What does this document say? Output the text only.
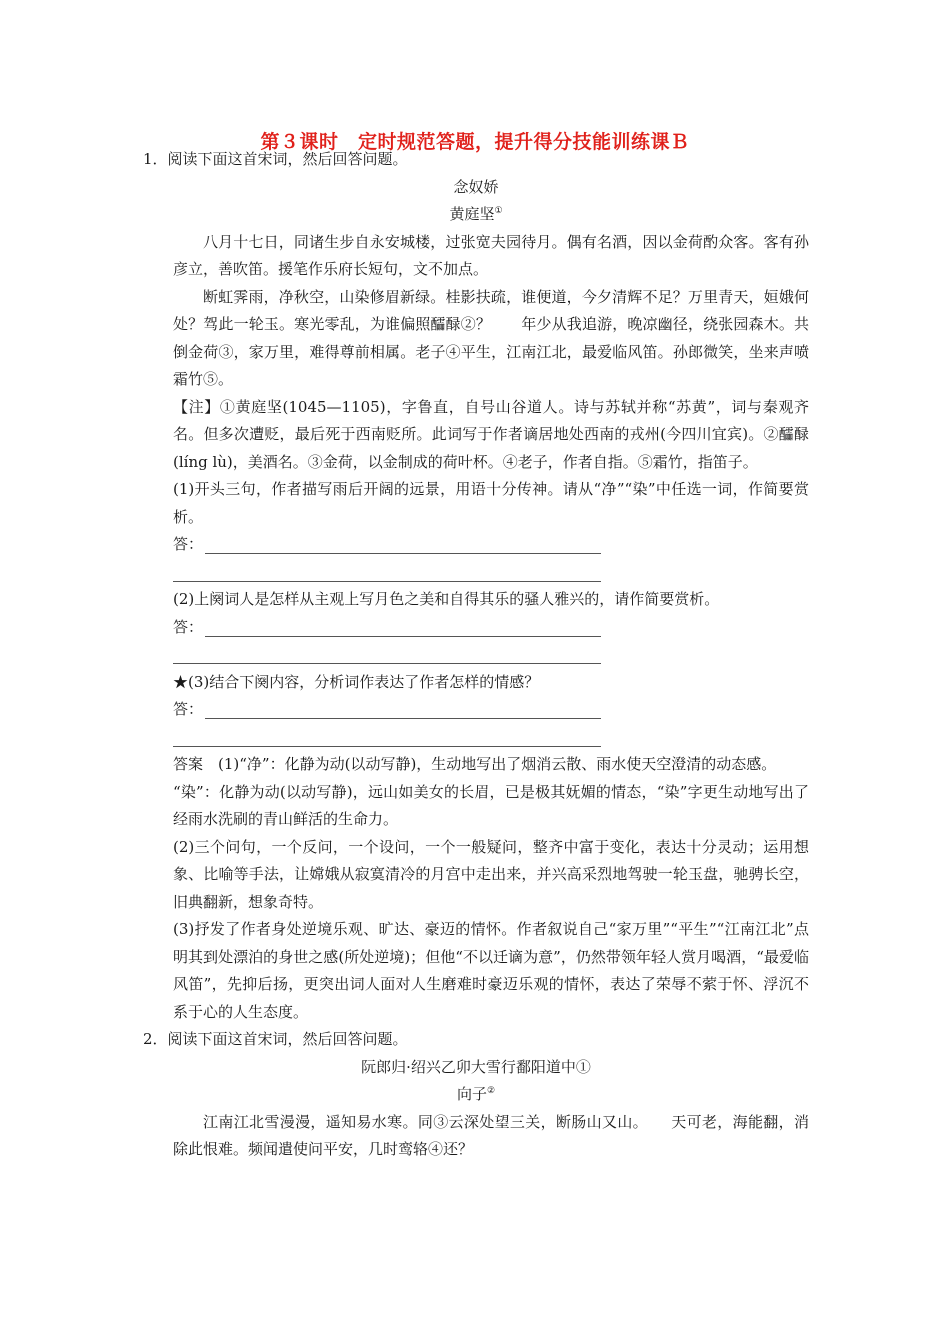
第３课时　定时规范答题，提升得分技能训练课Ｂ

1．阅读下面这首宋词，然后回答问题。

念奴娇

黄庭坚①

八月十七日，同诸生步自永安城楼，过张宽夫园待月。偶有名酒，因以金荷酌众客。客有孙彦立，善吹笛。援笔作乐府长短句，文不加点。

断虹霁雨，净秋空，山染修眉新绿。桂影扶疏，谁便道，今夕清辉不足？万里青天，姮娥何处？驾此一轮玉。寒光零乱，为谁偏照醽醁②？　　年少从我追游，晚凉幽径，绕张园森木。共倒金荷③，家万里，难得尊前相属。老子④平生，江南江北，最爱临风笛。孙郎微笑，坐来声喷霜竹⑤。

【注】①黄庭坚(1045—1105)，字鲁直，自号山谷道人。诗与苏轼并称“苏黄”，词与秦观齐名。但多次遭贬，最后死于西南贬所。此词写于作者谪居地处西南的戎州(今四川宜宾)。②醽醁(líng lù)，美酒名。③金荷，以金制成的荷叶杯。④老子，作者自指。⑤霜竹，指笛子。

(1)开头三句，作者描写雨后开阔的远景，用语十分传神。请从“净”“染”中任选一词，作简要赏析。

答：

(2)上阕词人是怎样从主观上写月色之美和自得其乐的骚人雅兴的，请作简要赏析。

答：

★(3)结合下阕内容，分析词作表达了作者怎样的情感？

答：

答案　(1)“净”：化静为动(以动写静)，生动地写出了烟消云散、雨水使天空澄清的动态感。

“染”：化静为动(以动写静)，远山如美女的长眉，已是极其妩媚的情态，“染”字更生动地写出了经雨水洗刷的青山鲜活的生命力。

(2)三个问句，一个反问，一个设问，一个一般疑问，整齐中富于变化，表达十分灵动；运用想象、比喻等手法，让嫦娥从寂寞清冷的月宫中走出来，并兴高采烈地驾驶一轮玉盘，驰骋长空，旧典翻新，想象奇特。

(3)抒发了作者身处逆境乐观、旷达、豪迈的情怀。作者叙说自己“家万里”“平生”“江南江北”点明其到处漂泊的身世之感(所处逆境)；但他“不以迁谪为意”，仍然带领年轻人赏月喝酒，“最爱临风笛”，先抑后扬，更突出词人面对人生磨难时豪迈乐观的情怀，表达了荣辱不萦于怀、浮沉不系于心的人生态度。

2．阅读下面这首宋词，然后回答问题。

阮郎归·绍兴乙卯大雪行鄱阳道中①

向子②

江南江北雪漫漫，遥知易水寒。同③云深处望三关，断肠山又山。　　天可老，海能翻，消除此恨难。频闻遣使问平安，几时鸾辂④还？
